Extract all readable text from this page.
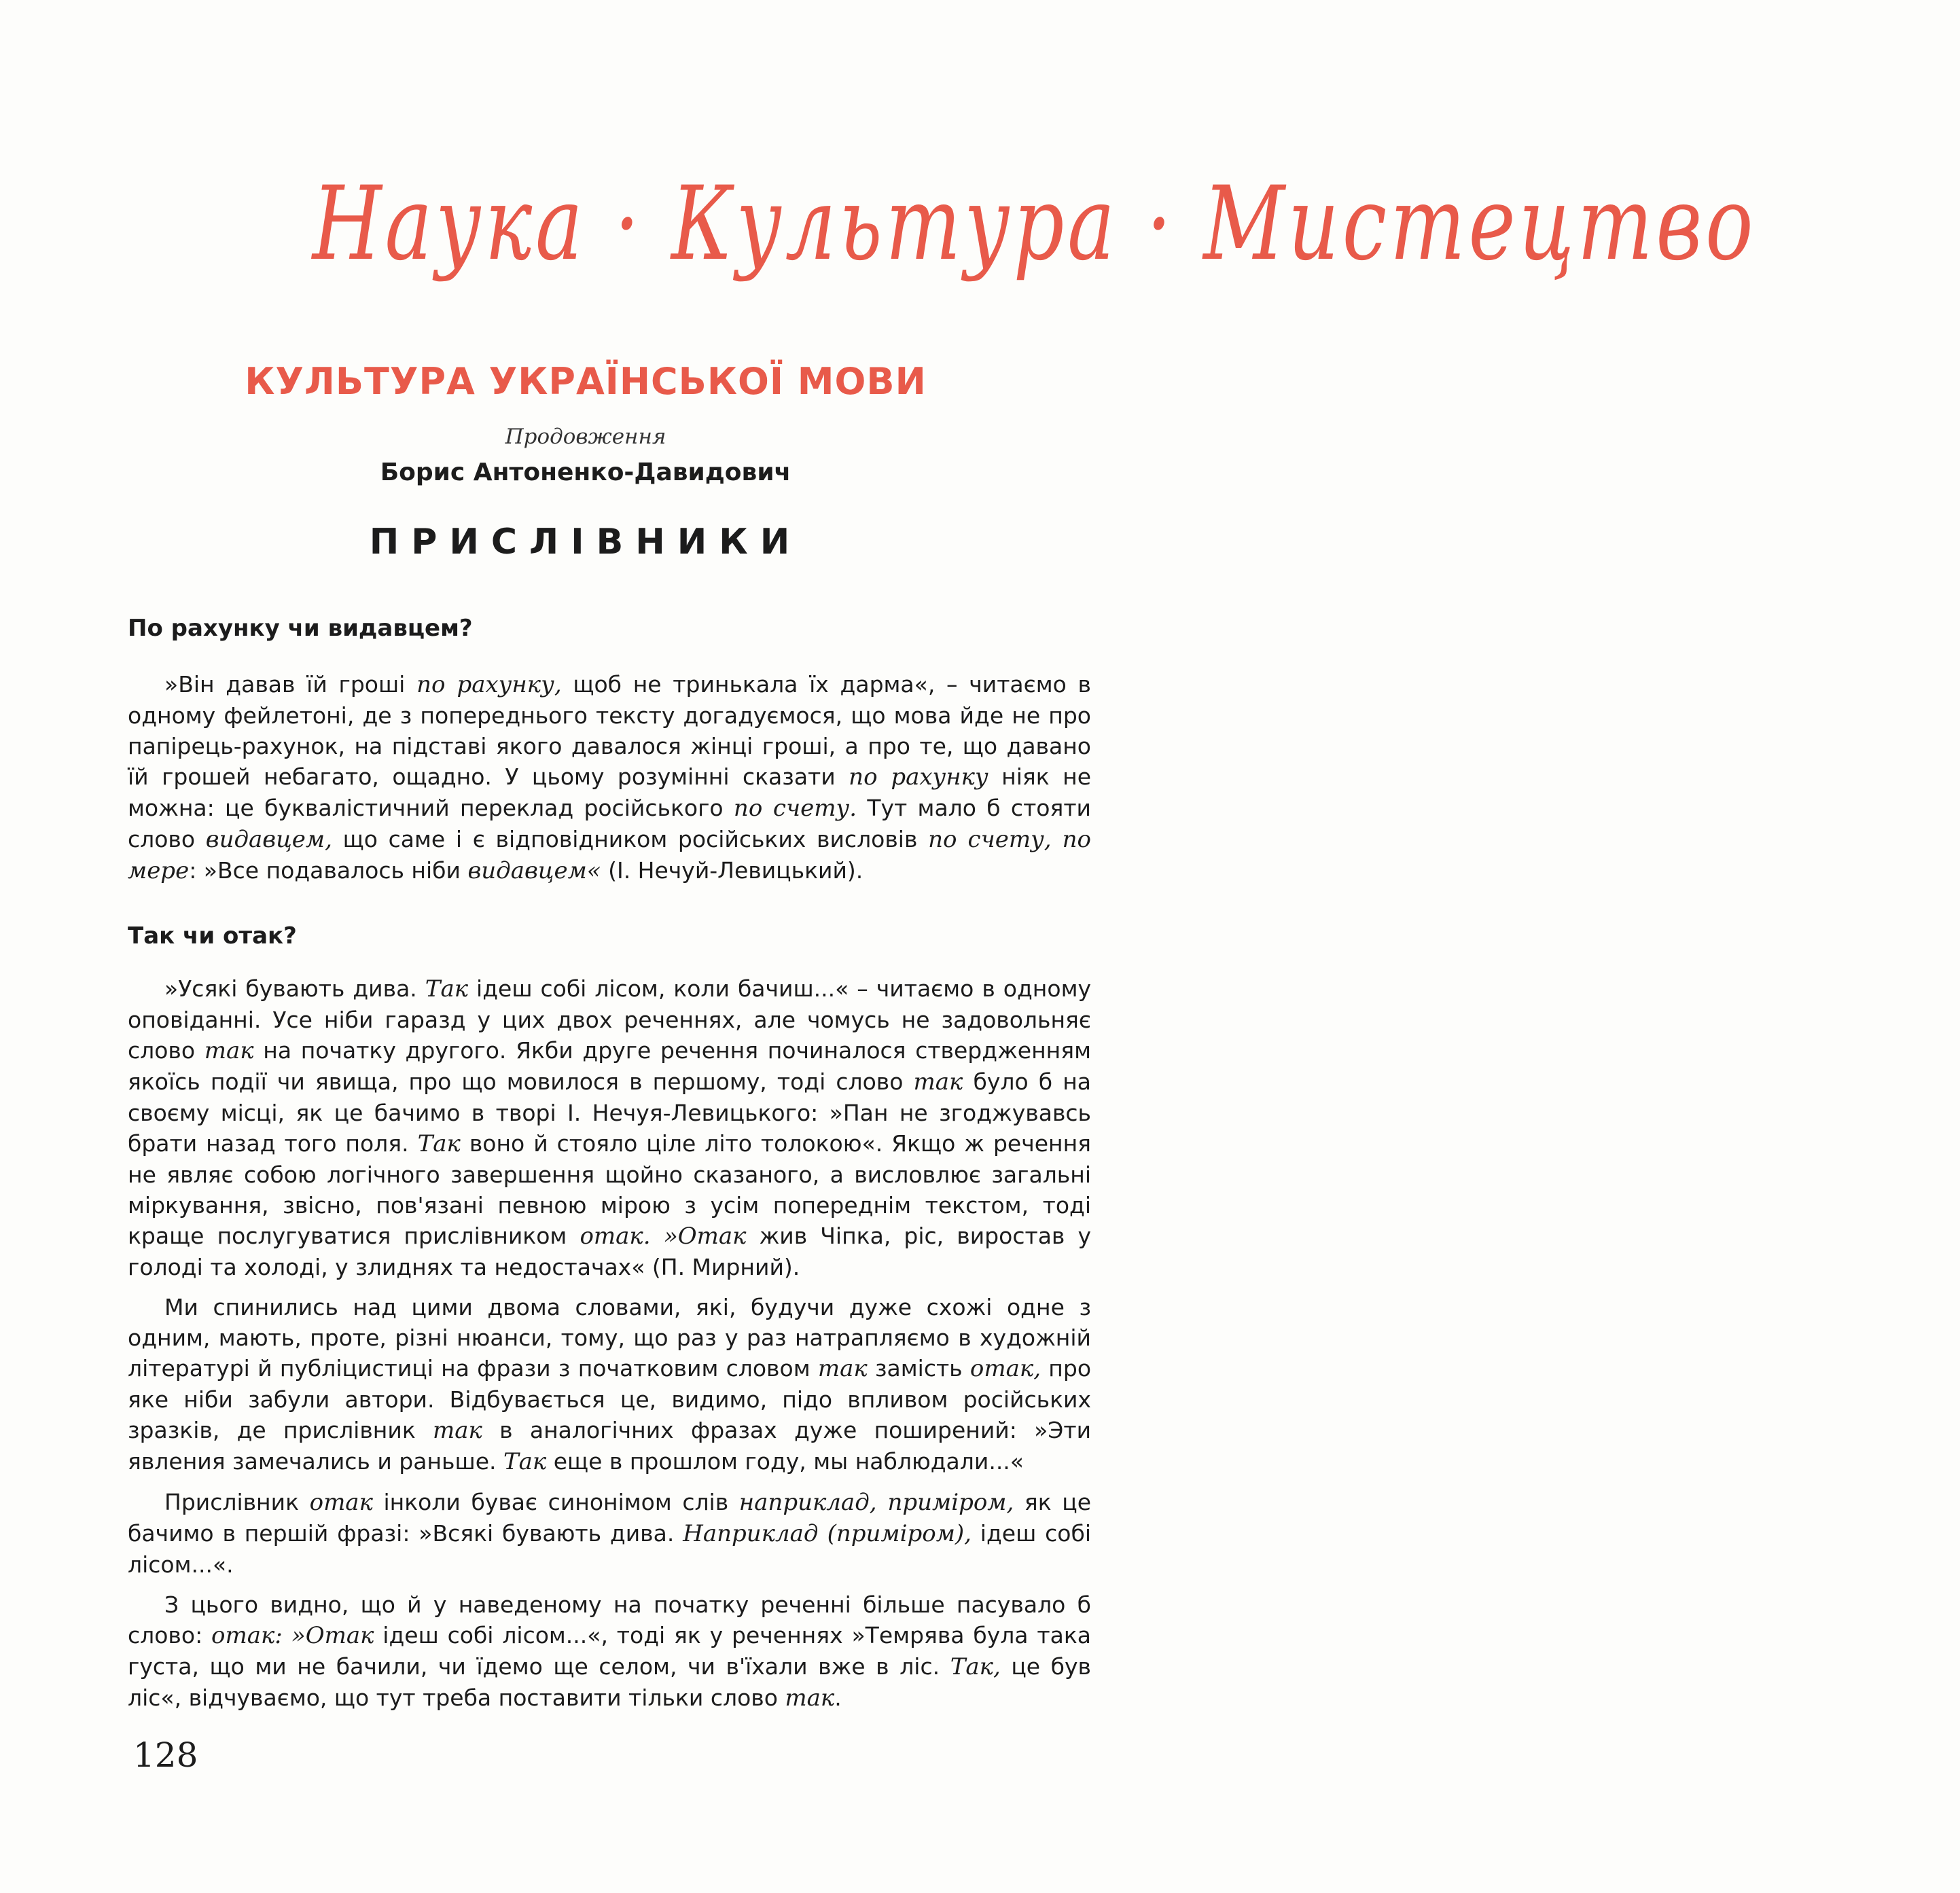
Наука · Культура · Мистецтво
КУЛЬТУРА УКРАЇНСЬКОЇ МОВИ
Продовження
Борис Антоненко-Давидович
ПРИСЛІВНИКИ
По рахунку чи видавцем?

»Він давав їй гроші по рахунку, щоб не тринькала їх дарма«, – читаємо в одному фейлетоні, де з попереднього тексту догадуємося, що мова йде не про папірець-рахунок, на підставі якого давалося жінці гроші, а про те, що давано їй грошей небагато, ощадно. У цьому розумінні сказати по рахунку ніяк не можна: це буквалістичний переклад російського по счету. Тут мало б стояти слово видавцем, що саме і є відповідником російських висловів по счету, по мере: »Все подавалось ніби видавцем« (І. Нечуй-Левицький).

Так чи отак?

»Усякі бувають дива. Так ідеш собі лісом, коли бачиш...« – читаємо в одному оповіданні. Усе ніби гаразд у цих двох реченнях, але чомусь не задовольняє слово так на початку другого. Якби друге речення починалося ствердженням якоїсь події чи явища, про що мовилося в першому, тоді слово так було б на своєму місці, як це бачимо в творі І. Нечуя-Левицького: »Пан не згоджувавсь брати назад того поля. Так воно й стояло ціле літо толокою«. Якщо ж речення не являє собою логічного завершення щойно сказаного, а висловлює загальні міркування, звісно, пов'язані певною мірою з усім попереднім текстом, тоді краще послугуватися прислівником отак. »Отак жив Чіпка, ріс, виростав у голоді та холоді, у злиднях та недостачах« (П. Мирний).

Ми спинились над цими двома словами, які, будучи дуже схожі одне з одним, мають, проте, різні нюанси, тому, що раз у раз натрапляємо в художній літературі й публіцистиці на фрази з початковим словом так замість отак, про яке ніби забули автори. Відбувається це, видимо, підо впливом російських зразків, де прислівник так в аналогічних фразах дуже поширений: »Эти явления замечались и раньше. Так еще в прошлом году, мы наблюдали...«

Прислівник отак інколи буває синонімом слів наприклад, приміром, як це бачимо в першій фразі: »Всякі бувають дива. Наприклад (приміром), ідеш собі лісом...«.

З цього видно, що й у наведеному на початку реченні більше пасувало б слово: отак: »Отак ідеш собі лісом...«, тоді як у реченнях »Темрява була така густа, що ми не бачили, чи їдемо ще селом, чи в'їхали вже в ліс. Так, це був ліс«, відчуваємо, що тут треба поставити тільки слово так.

128
